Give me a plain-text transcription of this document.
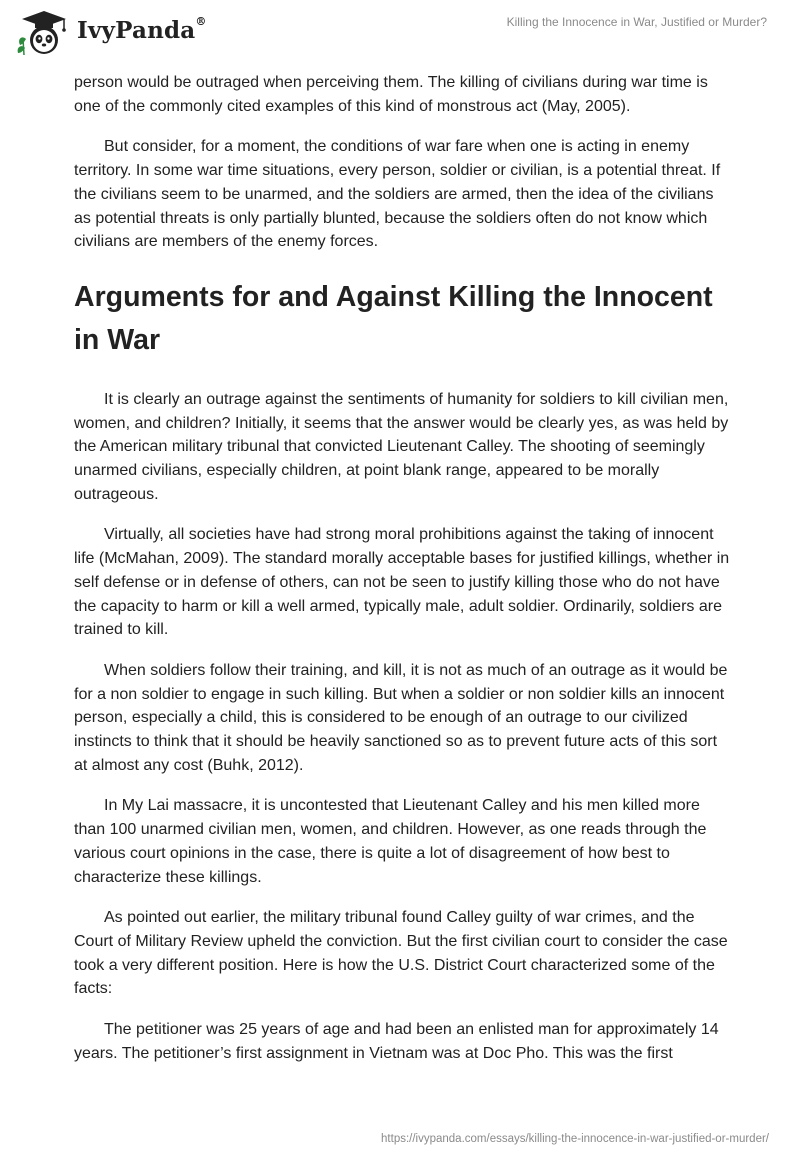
IvyPanda®	Killing the Innocence in War, Justified or Murder?

person would be outraged when perceiving them. The killing of civilians during war time is one of the commonly cited examples of this kind of monstrous act (May, 2005).

But consider, for a moment, the conditions of war fare when one is acting in enemy territory. In some war time situations, every person, soldier or civilian, is a potential threat. If the civilians seem to be unarmed, and the soldiers are armed, then the idea of the civilians as potential threats is only partially blunted, because the soldiers often do not know which civilians are members of the enemy forces.

Arguments for and Against Killing the Innocent in War

It is clearly an outrage against the sentiments of humanity for soldiers to kill civilian men, women, and children? Initially, it seems that the answer would be clearly yes, as was held by the American military tribunal that convicted Lieutenant Calley. The shooting of seemingly unarmed civilians, especially children, at point blank range, appeared to be morally outrageous.

Virtually, all societies have had strong moral prohibitions against the taking of innocent life (McMahan, 2009). The standard morally acceptable bases for justified killings, whether in self defense or in defense of others, can not be seen to justify killing those who do not have the capacity to harm or kill a well armed, typically male, adult soldier. Ordinarily, soldiers are trained to kill.

When soldiers follow their training, and kill, it is not as much of an outrage as it would be for a non soldier to engage in such killing. But when a soldier or non soldier kills an innocent person, especially a child, this is considered to be enough of an outrage to our civilized instincts to think that it should be heavily sanctioned so as to prevent future acts of this sort at almost any cost (Buhk, 2012).

In My Lai massacre, it is uncontested that Lieutenant Calley and his men killed more than 100 unarmed civilian men, women, and children. However, as one reads through the various court opinions in the case, there is quite a lot of disagreement of how best to characterize these killings.

As pointed out earlier, the military tribunal found Calley guilty of war crimes, and the Court of Military Review upheld the conviction. But the first civilian court to consider the case took a very different position. Here is how the U.S. District Court characterized some of the facts:

The petitioner was 25 years of age and had been an enlisted man for approximately 14 years. The petitioner’s first assignment in Vietnam was at Doc Pho. This was the first

https://ivypanda.com/essays/killing-the-innocence-in-war-justified-or-murder/
